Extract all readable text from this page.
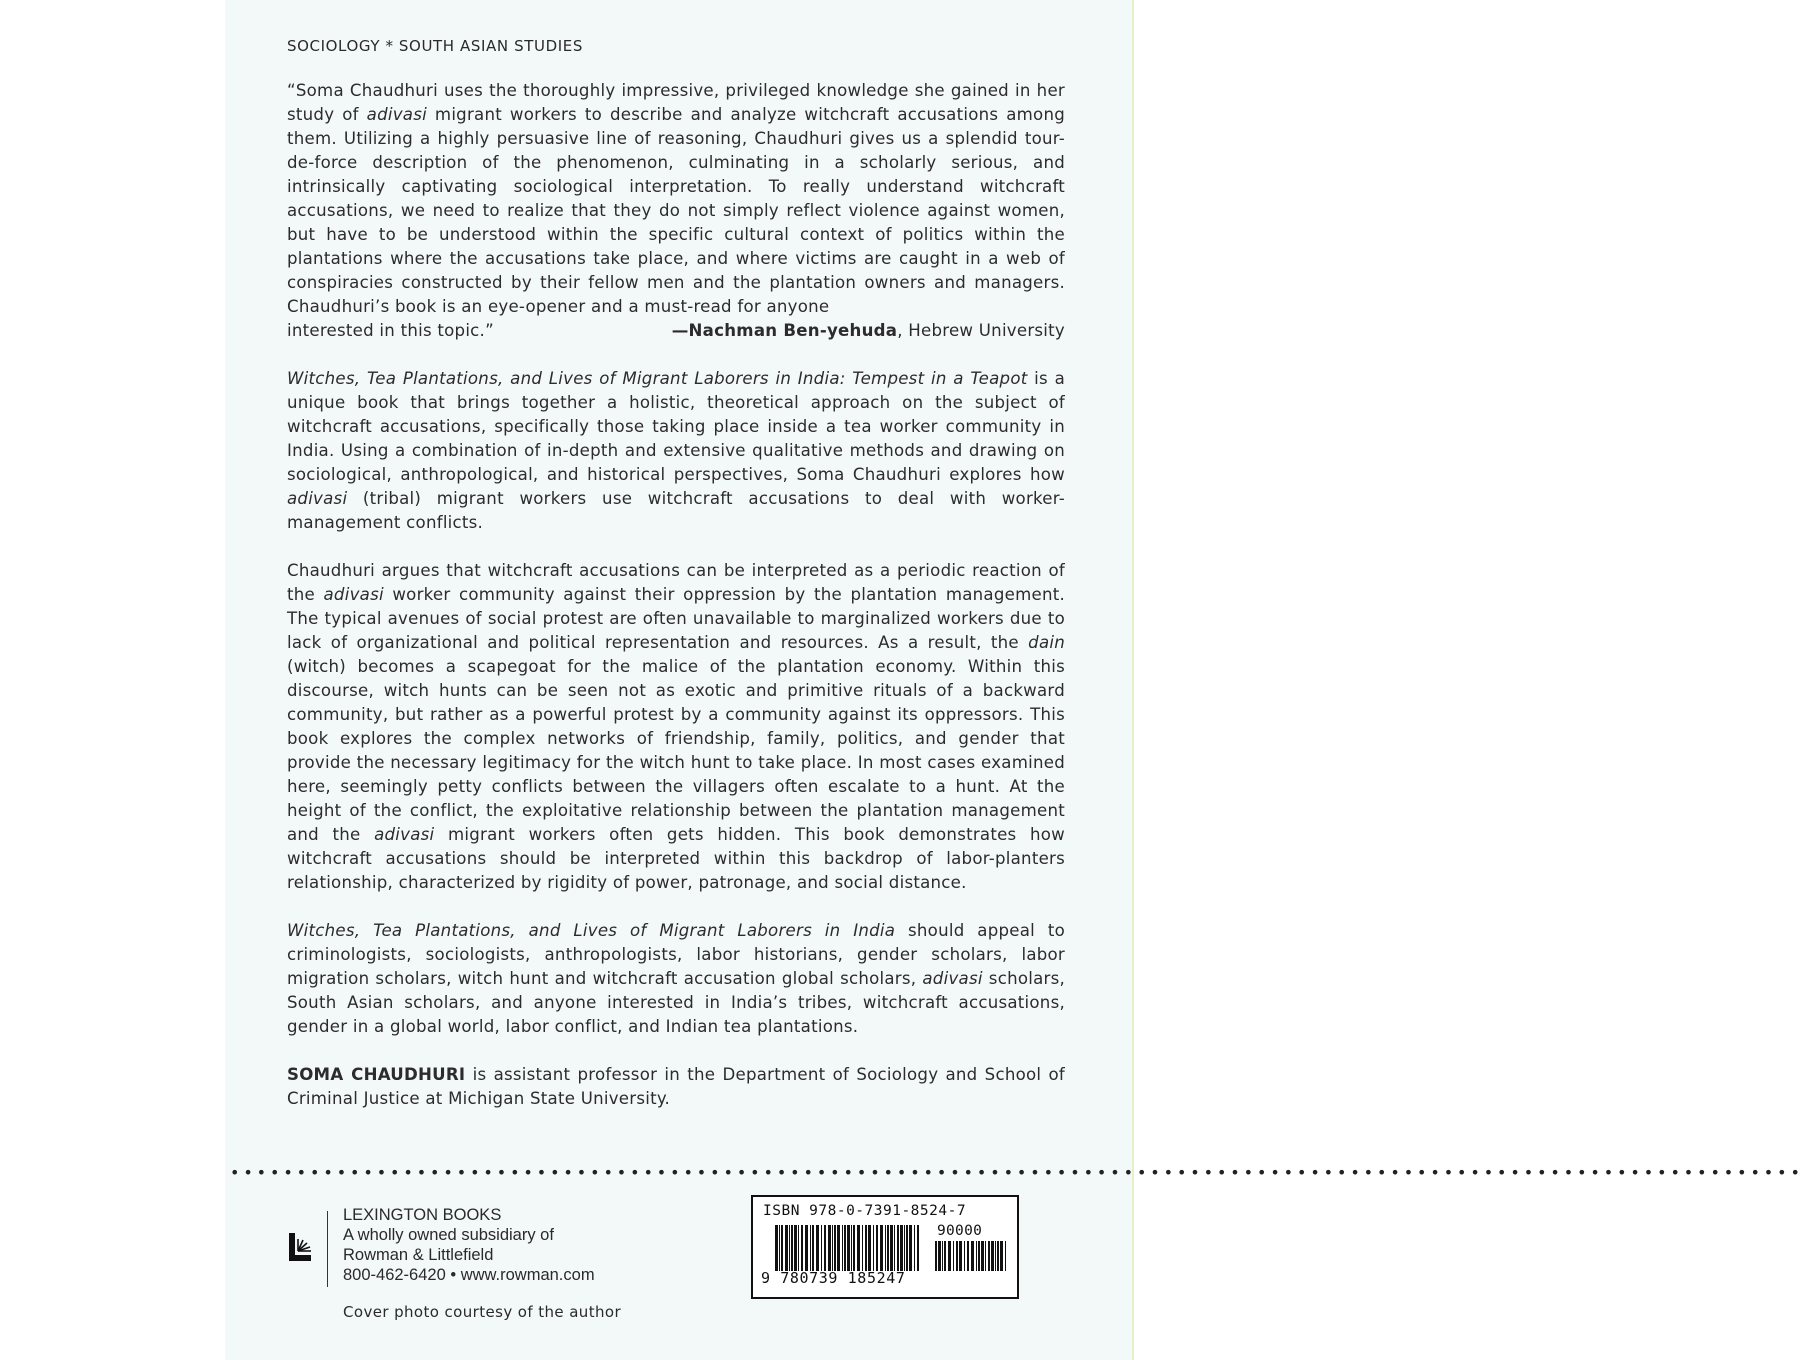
SOCIOLOGY * SOUTH ASIAN STUDIES

“Soma Chaudhuri uses the thoroughly impressive, privileged knowledge she gained in her study of adivasi migrant workers to describe and analyze witchcraft accusations among them. Utilizing a highly persuasive line of reasoning, Chaudhuri gives us a splendid tour-de-force description of the phenomenon, culminating in a scholarly serious, and intrinsically captivating sociological interpretation. To really understand witchcraft accusations, we need to realize that they do not simply reflect violence against women, but have to be understood within the specific cultural context of politics within the plantations where the accusations take place, and where victims are caught in a web of conspiracies constructed by their fellow men and the plantation owners and managers. Chaudhuri’s book is an eye-opener and a must-read for anyone

interested in this topic.”	—Nachman Ben-yehuda, Hebrew University

Witches, Tea Plantations, and Lives of Migrant Laborers in India: Tempest in a Teapot is a unique book that brings together a holistic, theoretical approach on the subject of witchcraft accusations, specifically those taking place inside a tea worker community in India. Using a combination of in-depth and extensive qualitative methods and drawing on sociological, anthropological, and historical perspectives, Soma Chaudhuri explores how adivasi (tribal) migrant workers use witchcraft accusations to deal with worker-management conflicts.

Chaudhuri argues that witchcraft accusations can be interpreted as a periodic reaction of the adivasi worker community against their oppression by the plantation management. The typical avenues of social protest are often unavailable to marginalized workers due to lack of organizational and political representation and resources. As a result, the dain (witch) becomes a scapegoat for the malice of the plantation economy. Within this discourse, witch hunts can be seen not as exotic and primitive rituals of a backward community, but rather as a powerful protest by a community against its oppressors. This book explores the complex networks of friendship, family, politics, and gender that provide the necessary legitimacy for the witch hunt to take place. In most cases examined here, seemingly petty conflicts between the villagers often escalate to a hunt. At the height of the conflict, the exploitative relationship between the plantation management and the adivasi migrant workers often gets hidden. This book demonstrates how witchcraft accusations should be interpreted within this backdrop of labor-planters relationship, characterized by rigidity of power, patronage, and social distance.

Witches, Tea Plantations, and Lives of Migrant Laborers in India should appeal to criminologists, sociologists, anthropologists, labor historians, gender scholars, labor migration scholars, witch hunt and witchcraft accusation global scholars, adivasi scholars, South Asian scholars, and anyone interested in India’s tribes, witchcraft accusations, gender in a global world, labor conflict, and Indian tea plantations.

SOMA CHAUDHURI is assistant professor in the Department of Sociology and School of Criminal Justice at Michigan State University.

••••••••••••••••••••••••••••••••••••••••••••••••••••••••••••••••••••••••••••••••••••••••••••••••••••••••••••••••••••••
LEXINGTON BOOKS
A wholly owned subsidiary of
Rowman & Littlefield
800-462-6420 • www.rowman.com
Cover photo courtesy of the author
ISBN 978-0-7391-8524-7
90000
9 780739 185247
